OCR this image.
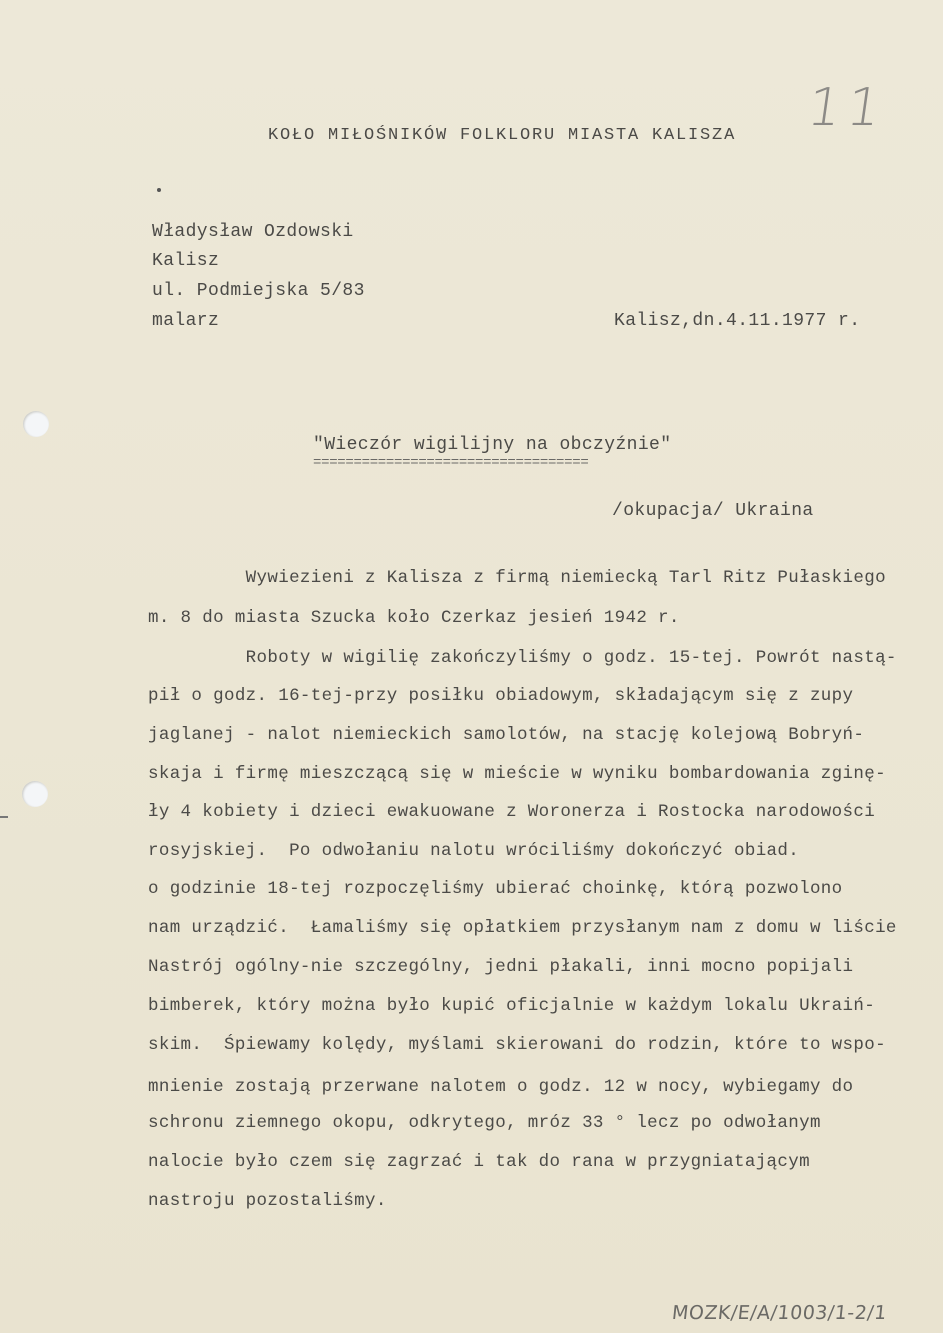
11
KOŁO MIŁOŚNIKÓW FOLKLORU MIASTA KALISZA
Władysław Ozdowski
Kalisz
ul. Podmiejska 5/83
malarz	Kalisz,dn.4.11.1977 r.
"Wieczór wigilijny na obczyźnie"
==================================
/okupacja/ Ukraina
Wywiezieni z Kalisza z firmą niemiecką Tarl Ritz Pułaskiego
m. 8 do miasta Szucka koło Czerkaz jesień 1942 r.
Roboty w wigilię zakończyliśmy o godz. 15-tej. Powrót nastą-
pił o godz. 16-tej-przy posiłku obiadowym, składającym się z zupy
jaglanej - nalot niemieckich samolotów, na stację kolejową Bobryń-
skaja i firmę mieszczącą się w mieście w wyniku bombardowania zginę-
ły 4 kobiety i dzieci ewakuowane z Woronerza i Rostocka narodowości
rosyjskiej.  Po odwołaniu nalotu wróciliśmy dokończyć obiad.
o godzinie 18-tej rozpoczęliśmy ubierać choinkę, którą pozwolono
nam urządzić.  Łamaliśmy się opłatkiem przysłanym nam z domu w liście
Nastrój ogólny-nie szczególny, jedni płakali, inni mocno popijali
bimberek, który można było kupić oficjalnie w każdym lokalu Ukraiń-
skim.  Śpiewamy kolędy, myślami skierowani do rodzin, które to wspo-
mnienie zostają przerwane nalotem o godz. 12 w nocy, wybiegamy do
schronu ziemnego okopu, odkrytego, mróz 33 ° lecz po odwołanym
nalocie było czem się zagrzać i tak do rana w przygniatającym
nastroju pozostaliśmy.
MOZK/E/A/1003/1-2/1
